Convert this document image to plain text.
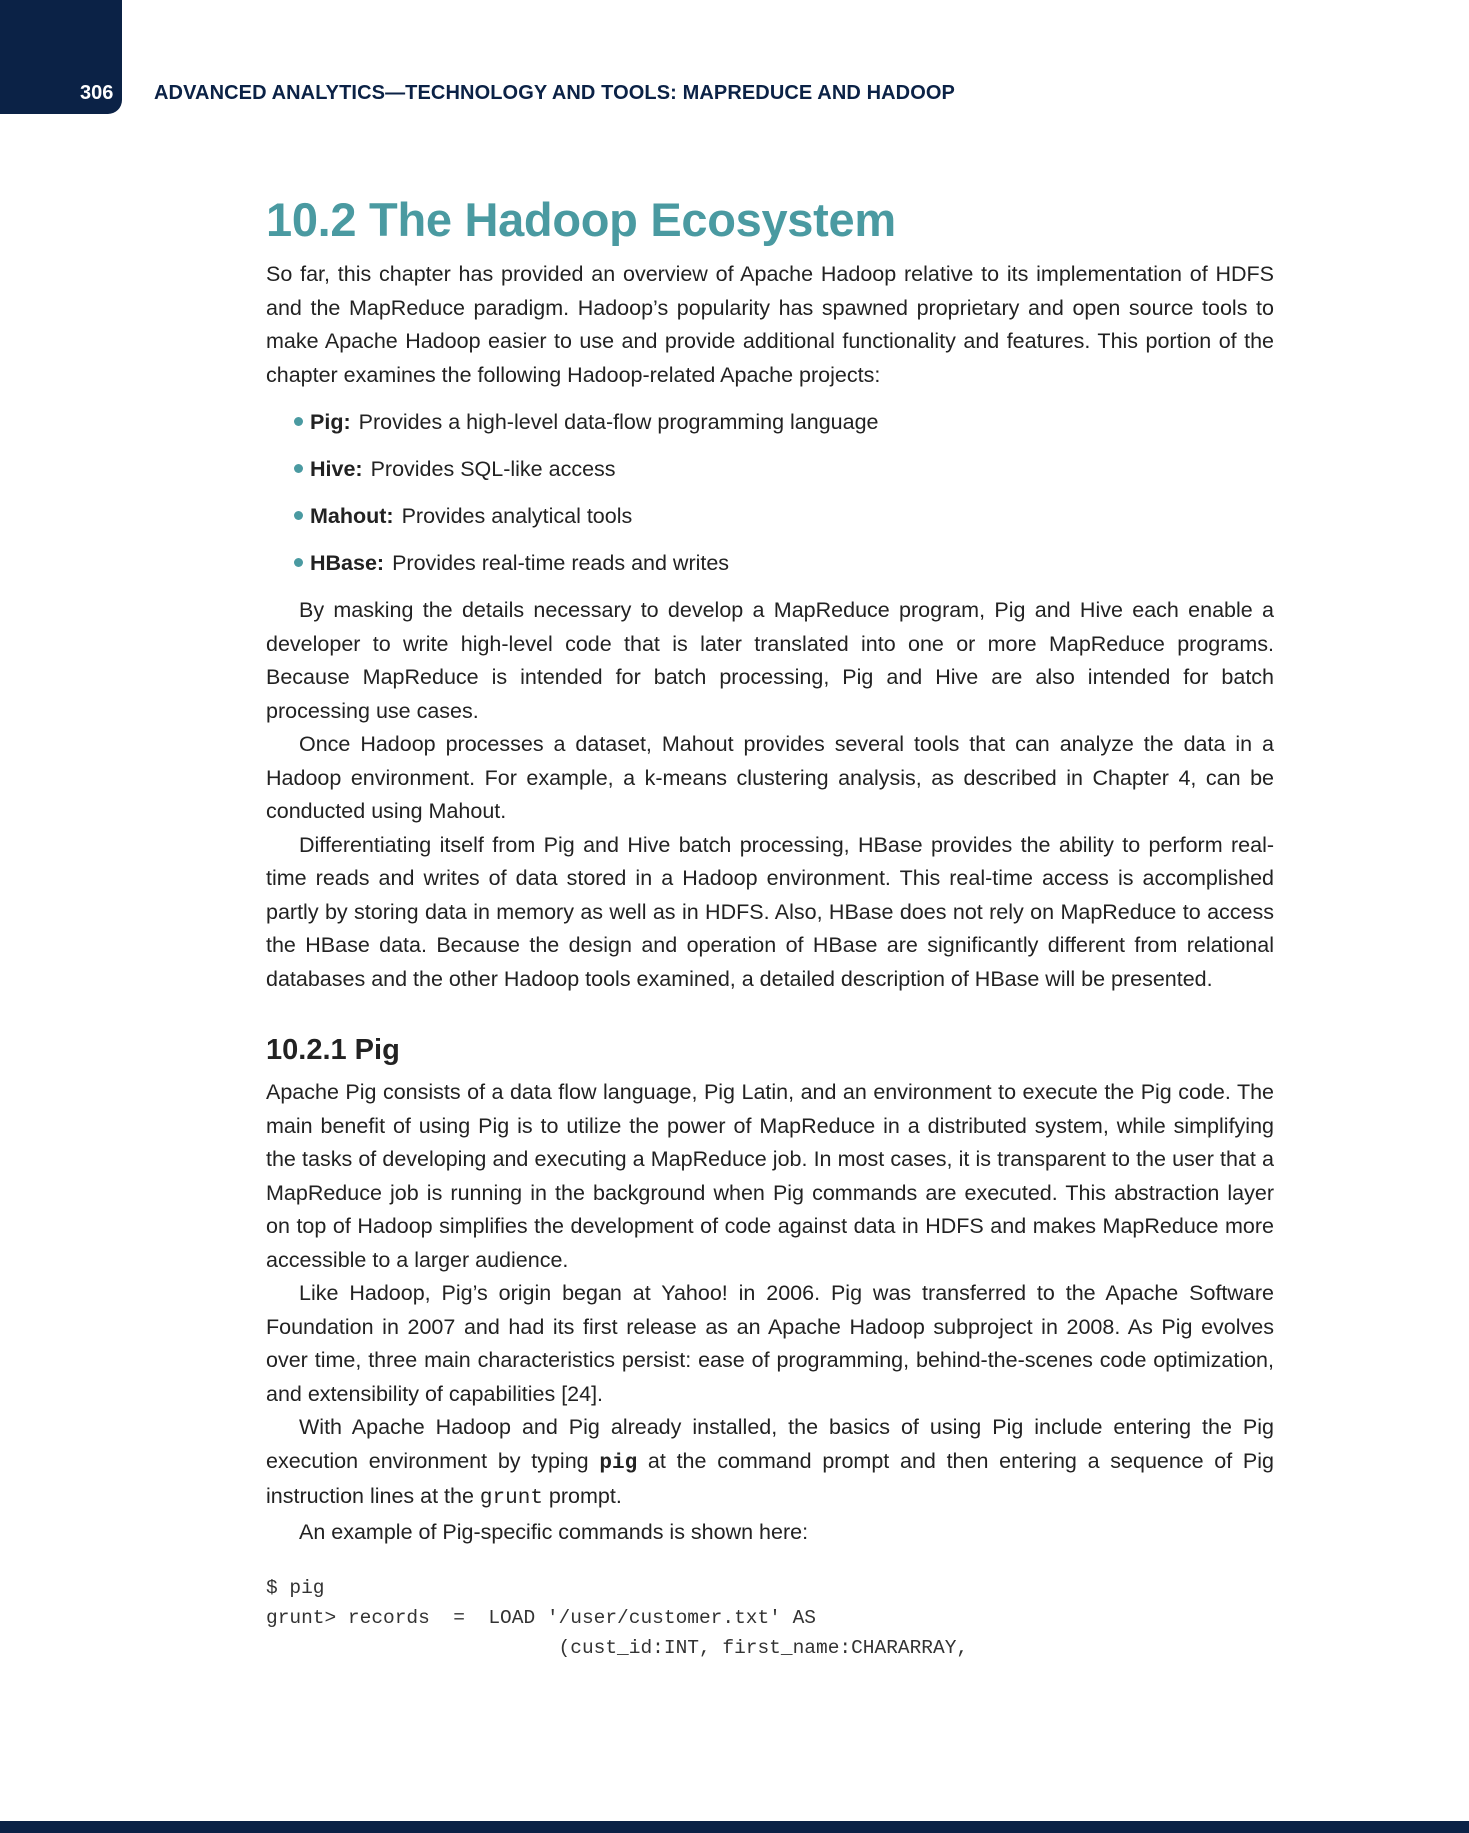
306 ADVANCED ANALYTICS—TECHNOLOGY AND TOOLS: MAPREDUCE AND HADOOP
10.2 The Hadoop Ecosystem

So far, this chapter has provided an overview of Apache Hadoop relative to its implementation of HDFS and the MapReduce paradigm. Hadoop’s popularity has spawned proprietary and open source tools to make Apache Hadoop easier to use and provide additional functionality and features. This portion of the chapter examines the following Hadoop-related Apache projects:

Pig: Provides a high-level data-flow programming language
Hive: Provides SQL-like access
Mahout: Provides analytical tools
HBase: Provides real-time reads and writes

By masking the details necessary to develop a MapReduce program, Pig and Hive each enable a developer to write high-level code that is later translated into one or more MapReduce programs. Because MapReduce is intended for batch processing, Pig and Hive are also intended for batch processing use cases.

Once Hadoop processes a dataset, Mahout provides several tools that can analyze the data in a Hadoop environment. For example, a k-means clustering analysis, as described in Chapter 4, can be conducted using Mahout.

Differentiating itself from Pig and Hive batch processing, HBase provides the ability to perform real-time reads and writes of data stored in a Hadoop environment. This real-time access is accomplished partly by storing data in memory as well as in HDFS. Also, HBase does not rely on MapReduce to access the HBase data. Because the design and operation of HBase are significantly different from relational databases and the other Hadoop tools examined, a detailed description of HBase will be presented.

10.2.1 Pig

Apache Pig consists of a data flow language, Pig Latin, and an environment to execute the Pig code. The main benefit of using Pig is to utilize the power of MapReduce in a distributed system, while simplifying the tasks of developing and executing a MapReduce job. In most cases, it is transparent to the user that a MapReduce job is running in the background when Pig commands are executed. This abstraction layer on top of Hadoop simplifies the development of code against data in HDFS and makes MapReduce more accessible to a larger audience.

Like Hadoop, Pig’s origin began at Yahoo! in 2006. Pig was transferred to the Apache Software Foundation in 2007 and had its first release as an Apache Hadoop subproject in 2008. As Pig evolves over time, three main characteristics persist: ease of programming, behind-the-scenes code optimization, and extensibility of capabilities [24].

With Apache Hadoop and Pig already installed, the basics of using Pig include entering the Pig execution environment by typing pig at the command prompt and then entering a sequence of Pig instruction lines at the grunt prompt.

An example of Pig-specific commands is shown here:

$ pig
grunt> records  =  LOAD '/user/customer.txt' AS
(cust_id:INT, first_name:CHARARRAY,
